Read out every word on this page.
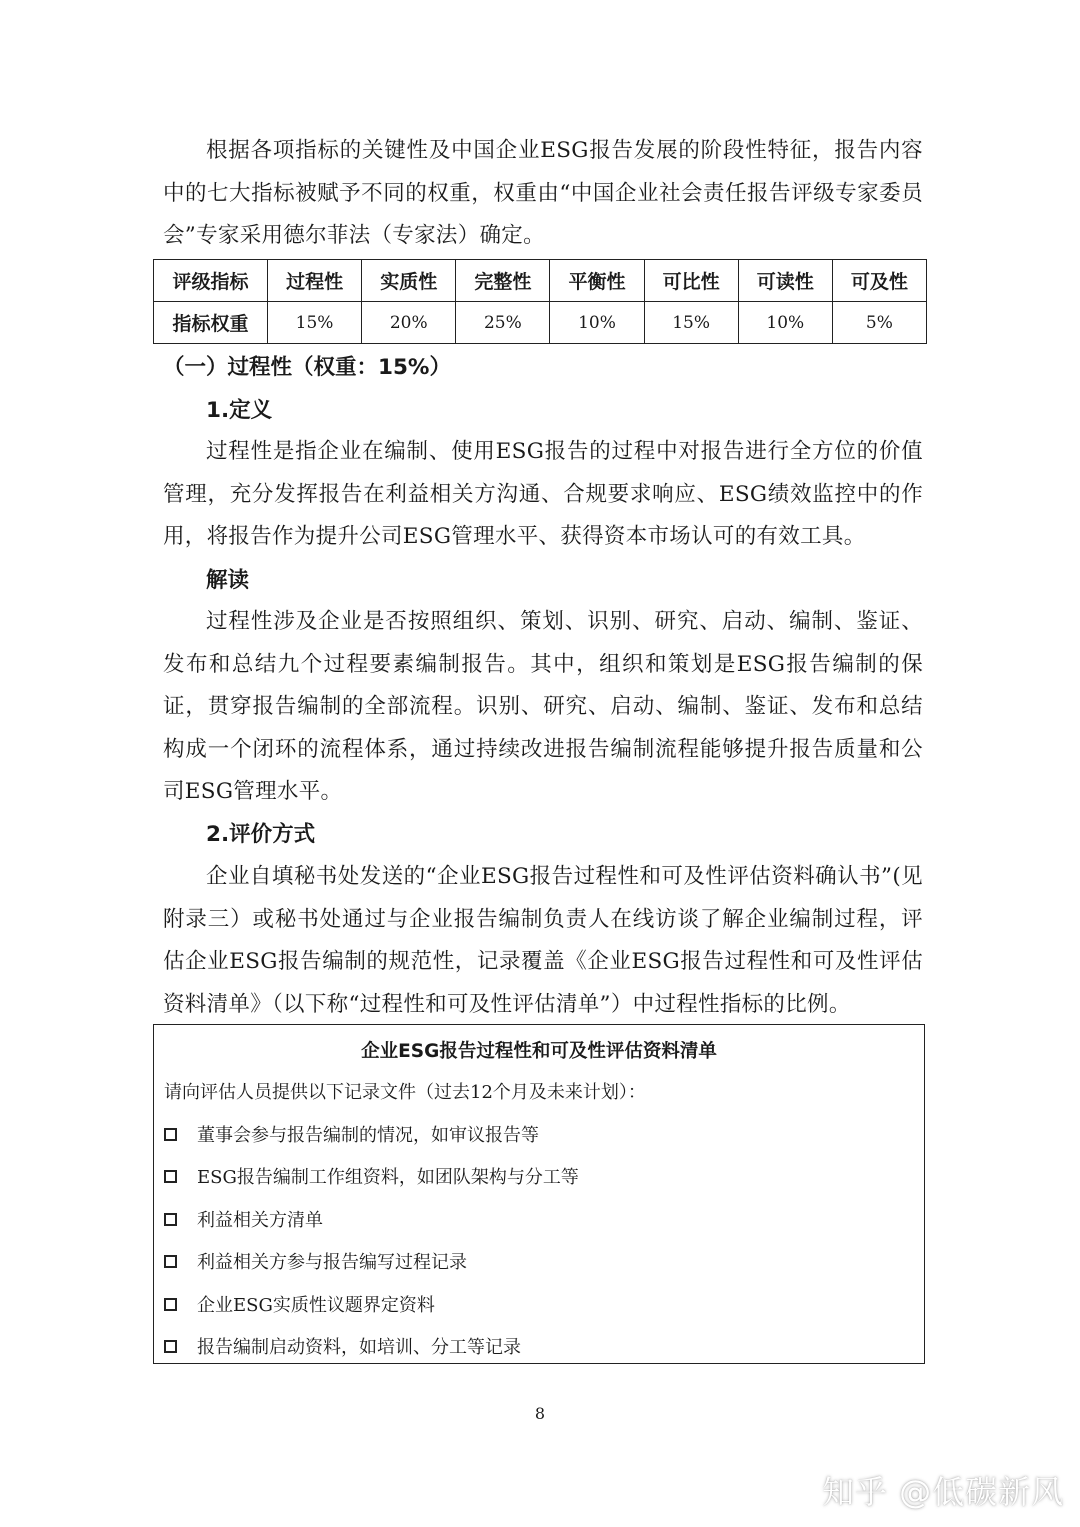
根据各项指标的关键性及中国企业ESG报告发展的阶段性特征，报告内容中的七大指标被赋予不同的权重，权重由“中国企业社会责任报告评级专家委员会”专家采用德尔菲法（专家法）确定。

评级指标	过程性	实质性	完整性	平衡性	可比性	可读性	可及性
指标权重	15%	20%	25%	10%	15%	10%	5%

（一）过程性（权重：15%）

1.定义

过程性是指企业在编制、使用ESG报告的过程中对报告进行全方位的价值管理，充分发挥报告在利益相关方沟通、合规要求响应、ESG绩效监控中的作用，将报告作为提升公司ESG管理水平、获得资本市场认可的有效工具。

解读

过程性涉及企业是否按照组织、策划、识别、研究、启动、编制、鉴证、发布和总结九个过程要素编制报告。其中，组织和策划是ESG报告编制的保证，贯穿报告编制的全部流程。识别、研究、启动、编制、鉴证、发布和总结构成一个闭环的流程体系，通过持续改进报告编制流程能够提升报告质量和公司ESG管理水平。

2.评价方式

企业自填秘书处发送的“企业ESG报告过程性和可及性评估资料确认书”(见附录三）或秘书处通过与企业报告编制负责人在线访谈了解企业编制过程，评估企业ESG报告编制的规范性，记录覆盖《企业ESG报告过程性和可及性评估资料清单》（以下称“过程性和可及性评估清单”）中过程性指标的比例。

企业ESG报告过程性和可及性评估资料清单
请向评估人员提供以下记录文件（过去12个月及未来计划）：
董事会参与报告编制的情况，如审议报告等
ESG报告编制工作组资料，如团队架构与分工等
利益相关方清单
利益相关方参与报告编写过程记录
企业ESG实质性议题界定资料
报告编制启动资料，如培训、分工等记录
8
知乎 @低碳新风
